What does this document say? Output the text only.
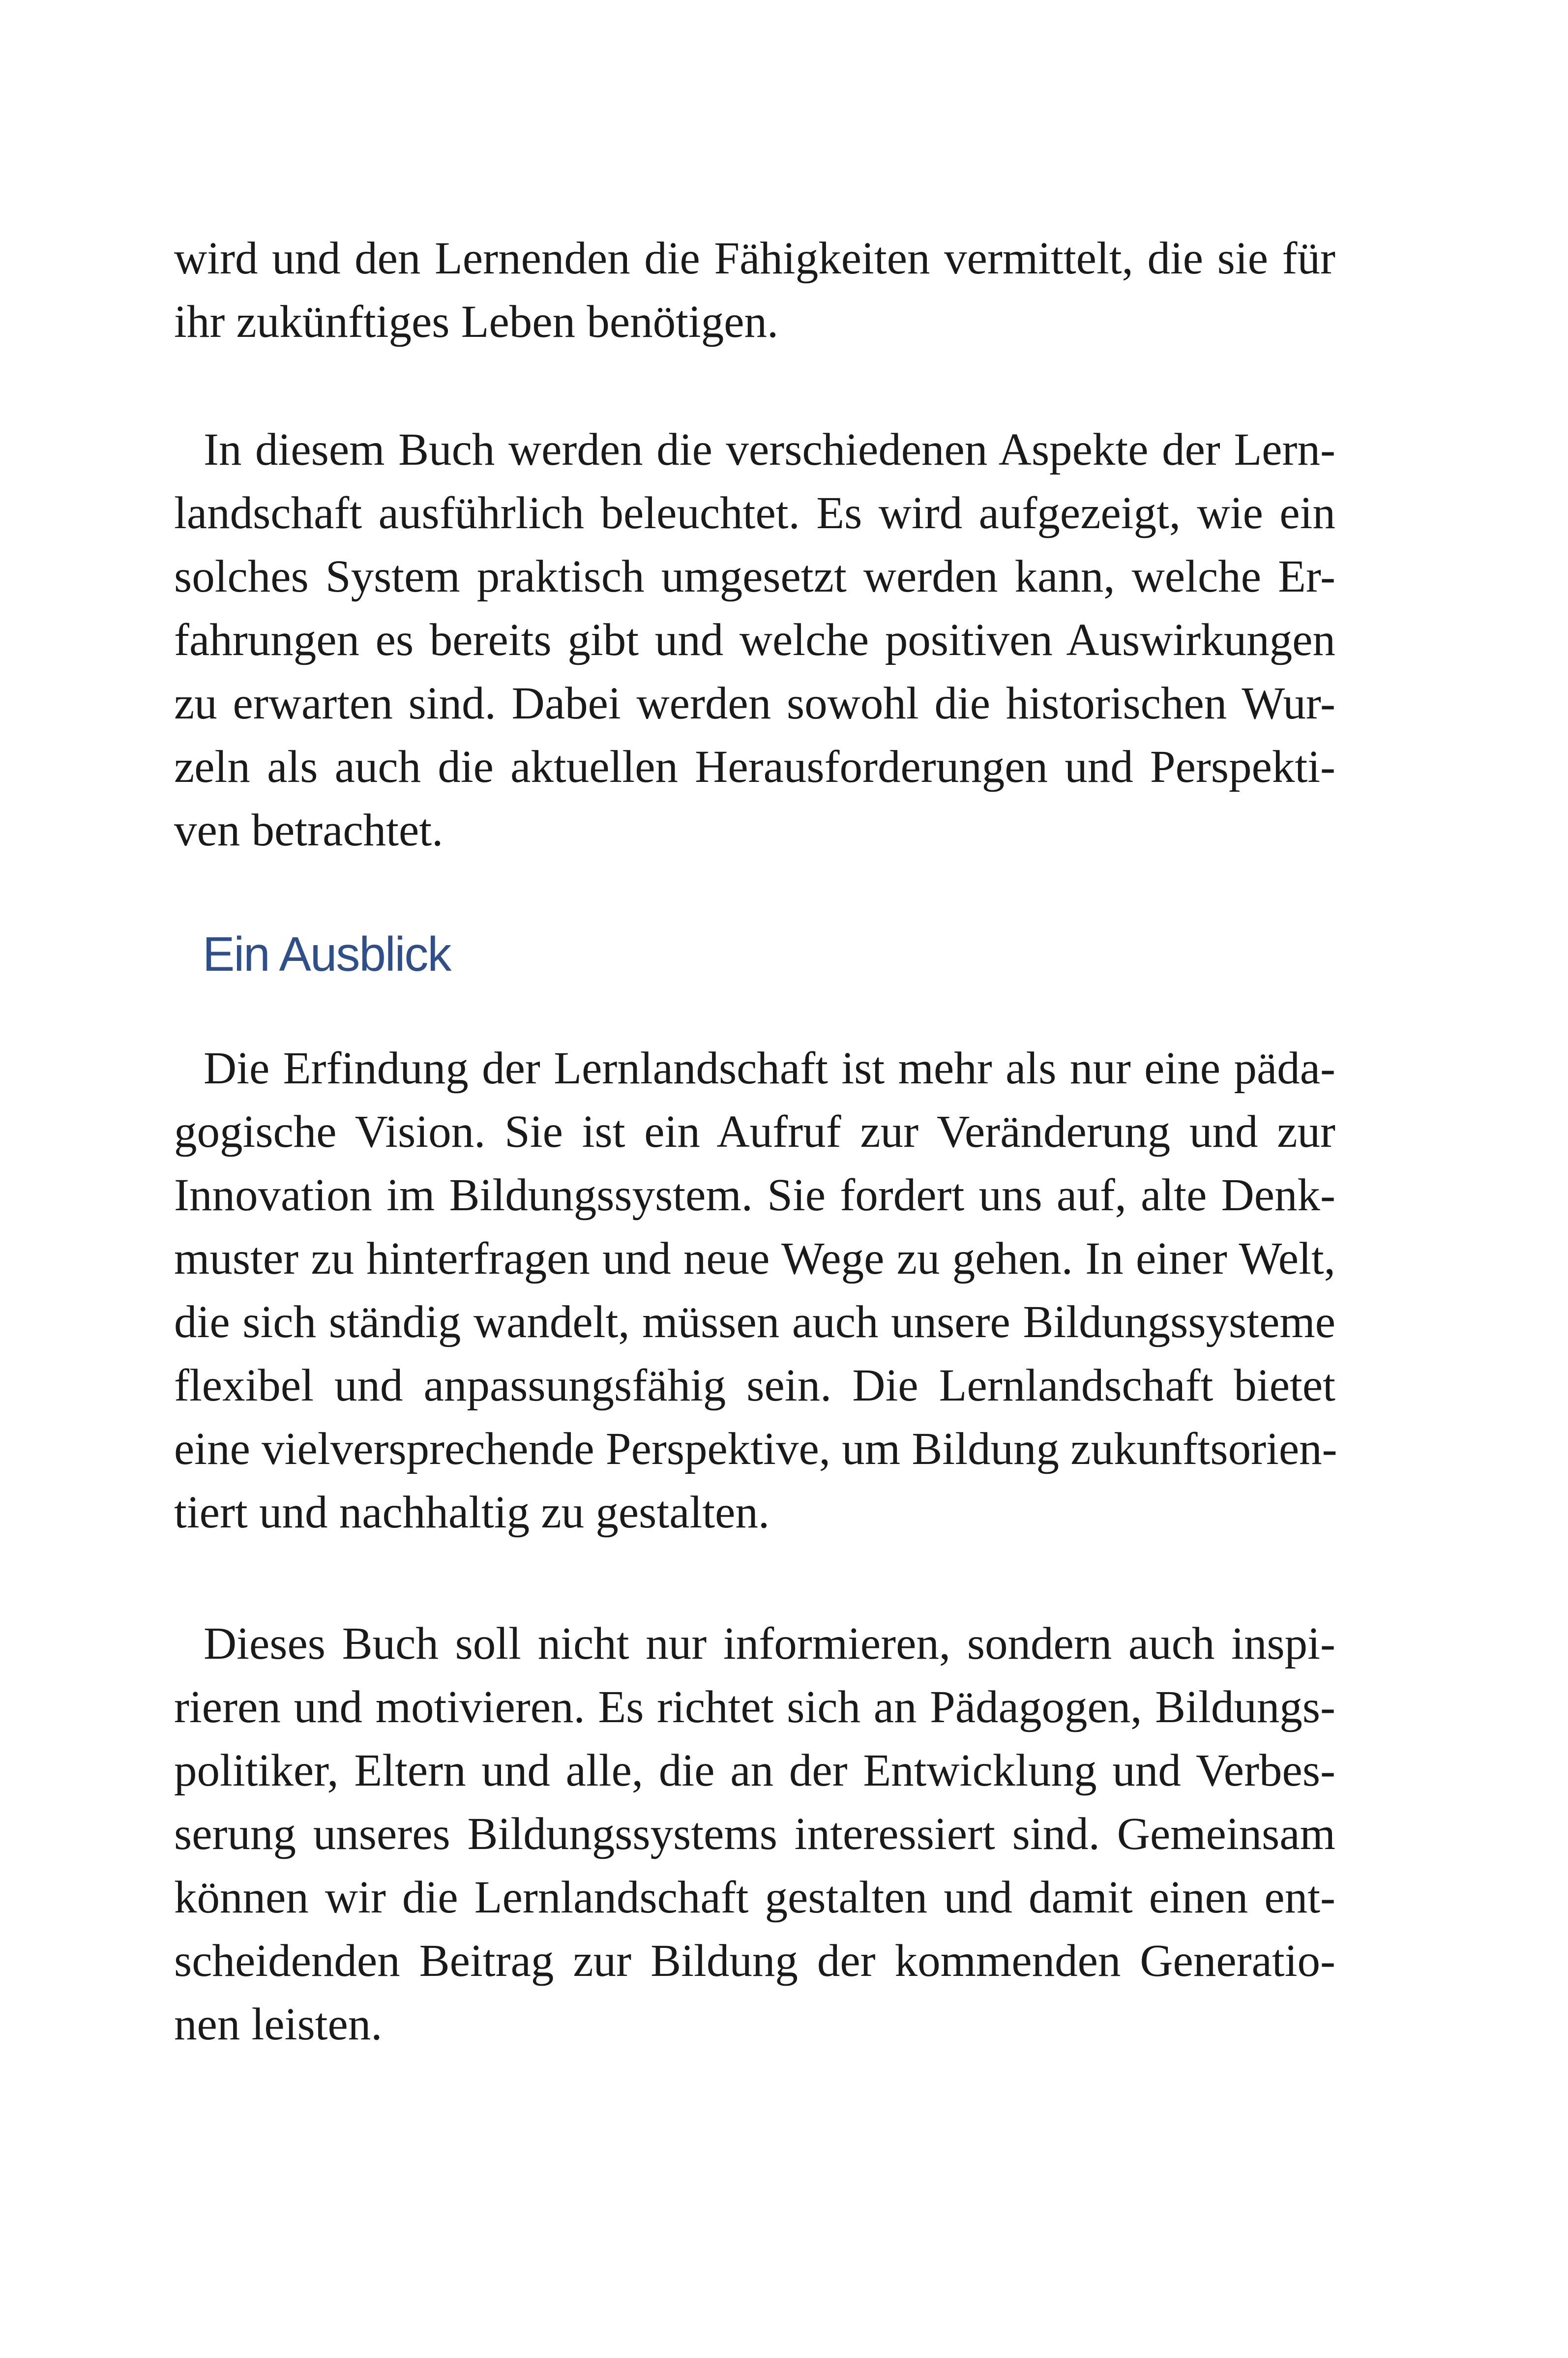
wird und den Lernenden die Fähigkeiten vermittelt, die sie für
ihr zukünftiges Leben benötigen.
In diesem Buch werden die verschiedenen Aspekte der Lern-
landschaft ausführlich beleuchtet. Es wird aufgezeigt, wie ein
solches System praktisch umgesetzt werden kann, welche Er-
fahrungen es bereits gibt und welche positiven Auswirkungen
zu erwarten sind. Dabei werden sowohl die historischen Wur-
zeln als auch die aktuellen Herausforderungen und Perspekti-
ven betrachtet.
Ein Ausblick
Die Erfindung der Lernlandschaft ist mehr als nur eine päda-
gogische Vision. Sie ist ein Aufruf zur Veränderung und zur
Innovation im Bildungssystem. Sie fordert uns auf, alte Denk-
muster zu hinterfragen und neue Wege zu gehen. In einer Welt,
die sich ständig wandelt, müssen auch unsere Bildungssysteme
flexibel und anpassungsfähig sein. Die Lernlandschaft bietet
eine vielversprechende Perspektive, um Bildung zukunftsorien-
tiert und nachhaltig zu gestalten.
Dieses Buch soll nicht nur informieren, sondern auch inspi-
rieren und motivieren. Es richtet sich an Pädagogen, Bildungs-
politiker, Eltern und alle, die an der Entwicklung und Verbes-
serung unseres Bildungssystems interessiert sind. Gemeinsam
können wir die Lernlandschaft gestalten und damit einen ent-
scheidenden Beitrag zur Bildung der kommenden Generatio-
nen leisten.
